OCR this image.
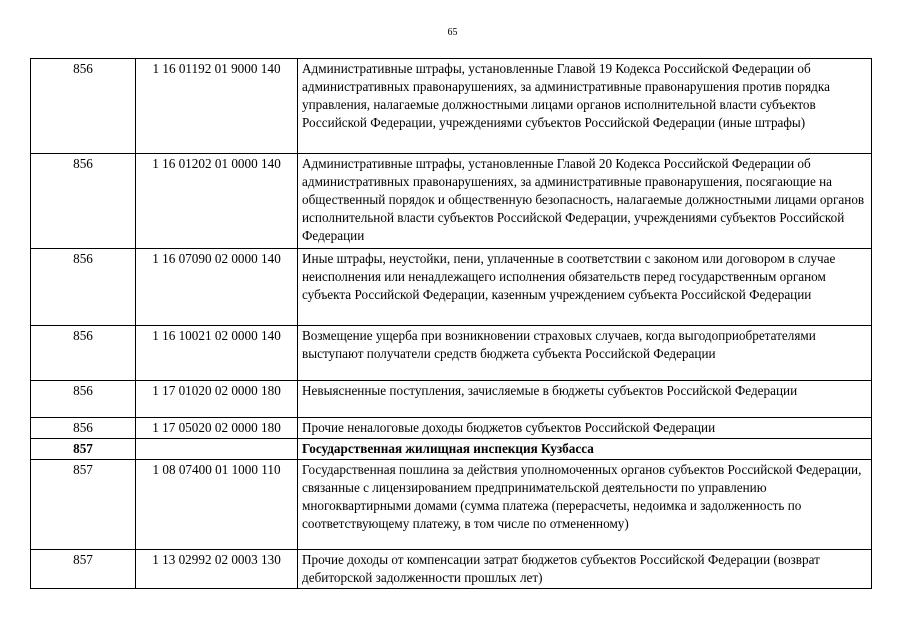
65
856	1 16 01192 01 9000 140	Административные штрафы, установленные Главой 19 Кодекса Российской Федерации об административных правонарушениях, за административные правонарушения против порядка управления, налагаемые должностными лицами органов исполнительной власти субъектов Российской Федерации, учреждениями субъектов Российской Федерации (иные штрафы)
856	1 16 01202 01 0000 140	Административные штрафы, установленные Главой 20 Кодекса Российской Федерации об административных правонарушениях, за административные правонарушения, посягающие на общественный порядок и общественную безопасность, налагаемые должностными лицами органов исполнительной власти субъектов Российской Федерации, учреждениями субъектов Российской Федерации
856	1 16 07090 02 0000 140	Иные штрафы, неустойки, пени, уплаченные в соответствии с законом или договором в случае неисполнения или ненадлежащего исполнения обязательств перед государственным органом субъекта Российской Федерации, казенным учреждением субъекта Российской Федерации
856	1 16 10021 02 0000 140	Возмещение ущерба при возникновении страховых случаев, когда выгодоприобретателями выступают получатели средств бюджета субъекта Российской Федерации
856	1 17 01020 02 0000 180	Невыясненные поступления, зачисляемые в бюджеты субъектов Российской Федерации
856	1 17 05020 02 0000 180	Прочие неналоговые доходы бюджетов субъектов Российской Федерации
857		Государственная жилищная инспекция Кузбасса
857	1 08 07400 01 1000 110	Государственная пошлина за действия уполномоченных органов субъектов Российской Федерации, связанные с лицензированием предпринимательской деятельности по управлению многоквартирными домами (сумма платежа (перерасчеты, недоимка и задолженность по соответствующему платежу, в том числе по отмененному)
857	1 13 02992 02 0003 130	Прочие доходы от компенсации затрат бюджетов субъектов Российской Федерации (возврат дебиторской задолженности прошлых лет)
